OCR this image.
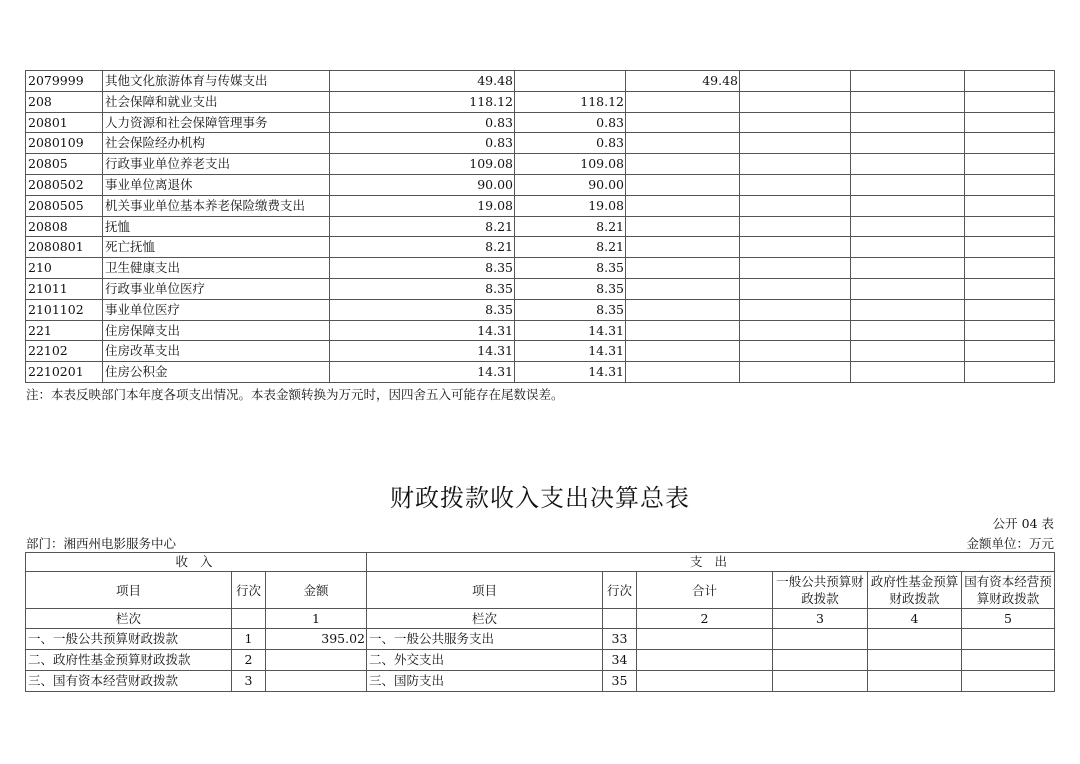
2079999	其他文化旅游体育与传媒支出	49.48		49.48			
208	社会保障和就业支出	118.12	118.12				
20801	人力资源和社会保障管理事务	0.83	0.83				
2080109	社会保险经办机构	0.83	0.83				
20805	行政事业单位养老支出	109.08	109.08				
2080502	事业单位离退休	90.00	90.00				
2080505	机关事业单位基本养老保险缴费支出	19.08	19.08				
20808	抚恤	8.21	8.21				
2080801	死亡抚恤	8.21	8.21				
210	卫生健康支出	8.35	8.35				
21011	行政事业单位医疗	8.35	8.35				
2101102	事业单位医疗	8.35	8.35				
221	住房保障支出	14.31	14.31				
22102	住房改革支出	14.31	14.31				
2210201	住房公积金	14.31	14.31				
注：本表反映部门本年度各项支出情况。本表金额转换为万元时，因四舍五入可能存在尾数误差。
财政拨款收入支出决算总表
公开 04 表
部门：湘西州电影服务中心	金额单位：万元
收 入			支 出					
项目	行次	金额	项目	行次	合计	一般公共预算财政拨款	政府性基金预算财政拨款	国有资本经营预算财政拨款
栏次		1	栏次		2	3	4	5
一、一般公共预算财政拨款	1	395.02	一、一般公共服务支出	33				
二、政府性基金预算财政拨款	2		二、外交支出	34				
三、国有资本经营财政拨款	3		三、国防支出	35				
